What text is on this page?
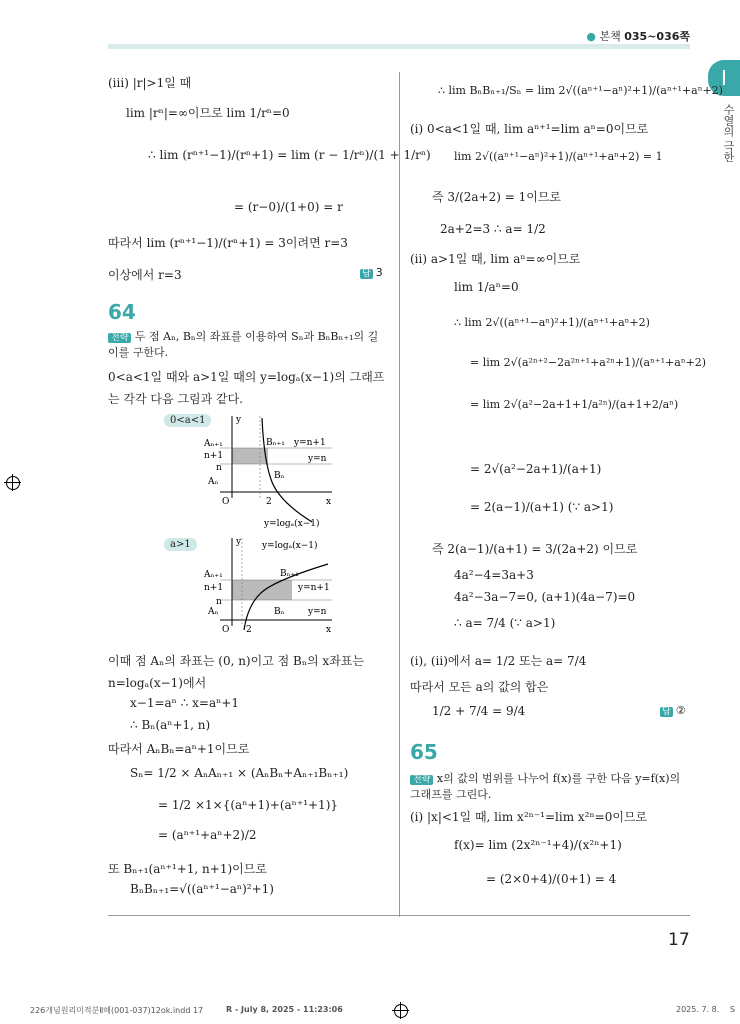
● 본책 035~036쪽
I
수열의 극한
(iii) |r|>1일 때
lim |rⁿ|=∞이므로 lim 1/rⁿ=0
∴ lim (rⁿ⁺¹−1)/(rⁿ+1) = lim (r − 1/rⁿ)/(1 + 1/rⁿ)
= (r−0)/(1+0) = r
따라서 lim (rⁿ⁺¹−1)/(rⁿ+1) = 3이려면 r=3
이상에서 r=3	답 3
64
전략 두 점 Aₙ, Bₙ의 좌표를 이용하여 Sₙ과 BₙBₙ₊₁의 길이를 구한다.
0<a<1일 때와 a>1일 때의 y=logₐ(x−1)의 그래프는 각각 다음 그림과 같다.
0<a<1	y
Aₙ₊₁
n+1
n
Aₙ
Bₙ₊₁ y=n+1
y=n
Bₙ
O	2	x
y=logₐ(x−1)
a>1	y
Aₙ₊₁
n+1
n
Aₙ
Bₙ₊₁
y=n+1
y=n
Bₙ
O 2	x
y=logₐ(x−1)
이때 점 Aₙ의 좌표는 (0, n)이고 점 Bₙ의 x좌표는
n=logₐ(x−1)에서
x−1=aⁿ ∴ x=aⁿ+1
∴ Bₙ(aⁿ+1, n)
따라서 AₙBₙ=aⁿ+1이므로
Sₙ= 1/2 × AₙAₙ₊₁ × (AₙBₙ+Aₙ₊₁Bₙ₊₁)
= 1/2 ×1×{(aⁿ+1)+(aⁿ⁺¹+1)}
= (aⁿ⁺¹+aⁿ+2)/2
또 Bₙ₊₁(aⁿ⁺¹+1, n+1)이므로
BₙBₙ₊₁=√((aⁿ⁺¹−aⁿ)²+1)
∴ lim BₙBₙ₊₁/Sₙ = lim 2√((aⁿ⁺¹−aⁿ)²+1)/(aⁿ⁺¹+aⁿ+2)
(i) 0<a<1일 때, lim aⁿ⁺¹=lim aⁿ=0이므로
lim 2√((aⁿ⁺¹−aⁿ)²+1)/(aⁿ⁺¹+aⁿ+2) = 1
즉 3/(2a+2) = 1이므로
2a+2=3 ∴ a= 1/2
(ii) a>1일 때, lim aⁿ=∞이므로
lim 1/aⁿ=0
∴ lim 2√((aⁿ⁺¹−aⁿ)²+1)/(aⁿ⁺¹+aⁿ+2)
= lim 2√(a²ⁿ⁺²−2a²ⁿ⁺¹+a²ⁿ+1)/(aⁿ⁺¹+aⁿ+2)
= lim 2√(a²−2a+1+1/a²ⁿ)/(a+1+2/aⁿ)
= 2√(a²−2a+1)/(a+1)
= 2(a−1)/(a+1) (∵ a>1)
즉 2(a−1)/(a+1) = 3/(2a+2) 이므로
4a²−4=3a+3
4a²−3a−7=0, (a+1)(4a−7)=0
∴ a= 7/4 (∵ a>1)
(i), (ii)에서 a= 1/2 또는 a= 7/4
따라서 모든 a의 값의 합은
1/2 + 7/4 = 9/4	답 ②
65
전략 x의 값의 범위를 나누어 f(x)를 구한 다음 y=f(x)의 그래프를 그린다.
(i) |x|<1일 때, lim x²ⁿ⁻¹=lim x²ⁿ=0이므로
f(x)= lim (2x²ⁿ⁻¹+4)/(x²ⁿ+1)
= (2×0+4)/(0+1) = 4
17
226개념원리미적분Ⅱ해(001-037)12ok.indd 17	R - July 8, 2025 - 11:23:06	2025. 7. 8. S
